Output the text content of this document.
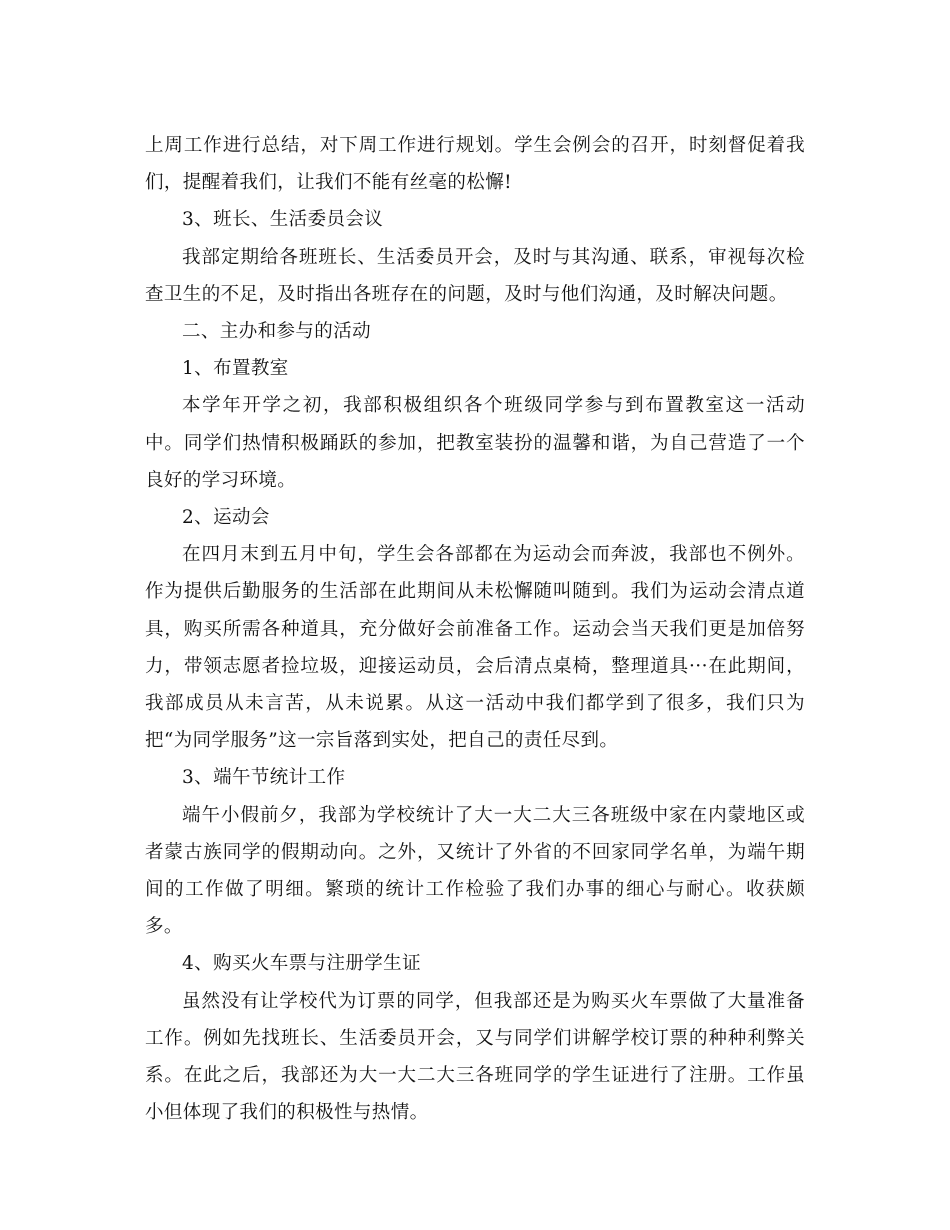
上周工作进行总结，对下周工作进行规划。学生会例会的召开，时刻督促着我们，提醒着我们，让我们不能有丝毫的松懈!

3、班长、生活委员会议

我部定期给各班班长、生活委员开会，及时与其沟通、联系，审视每次检查卫生的不足，及时指出各班存在的问题，及时与他们沟通，及时解决问题。

二、主办和参与的活动

1、布置教室

本学年开学之初，我部积极组织各个班级同学参与到布置教室这一活动中。同学们热情积极踊跃的参加，把教室装扮的温馨和谐，为自己营造了一个良好的学习环境。

2、运动会

在四月末到五月中旬，学生会各部都在为运动会而奔波，我部也不例外。作为提供后勤服务的生活部在此期间从未松懈随叫随到。我们为运动会清点道具，购买所需各种道具，充分做好会前准备工作。运动会当天我们更是加倍努力，带领志愿者捡垃圾，迎接运动员，会后清点桌椅，整理道具···在此期间，我部成员从未言苦，从未说累。从这一活动中我们都学到了很多，我们只为把“为同学服务”这一宗旨落到实处，把自己的责任尽到。

3、端午节统计工作

端午小假前夕，我部为学校统计了大一大二大三各班级中家在内蒙地区或者蒙古族同学的假期动向。之外，又统计了外省的不回家同学名单，为端午期间的工作做了明细。繁琐的统计工作检验了我们办事的细心与耐心。收获颇多。

4、购买火车票与注册学生证

虽然没有让学校代为订票的同学，但我部还是为购买火车票做了大量准备工作。例如先找班长、生活委员开会，又与同学们讲解学校订票的种种利弊关系。在此之后，我部还为大一大二大三各班同学的学生证进行了注册。工作虽小但体现了我们的积极性与热情。
